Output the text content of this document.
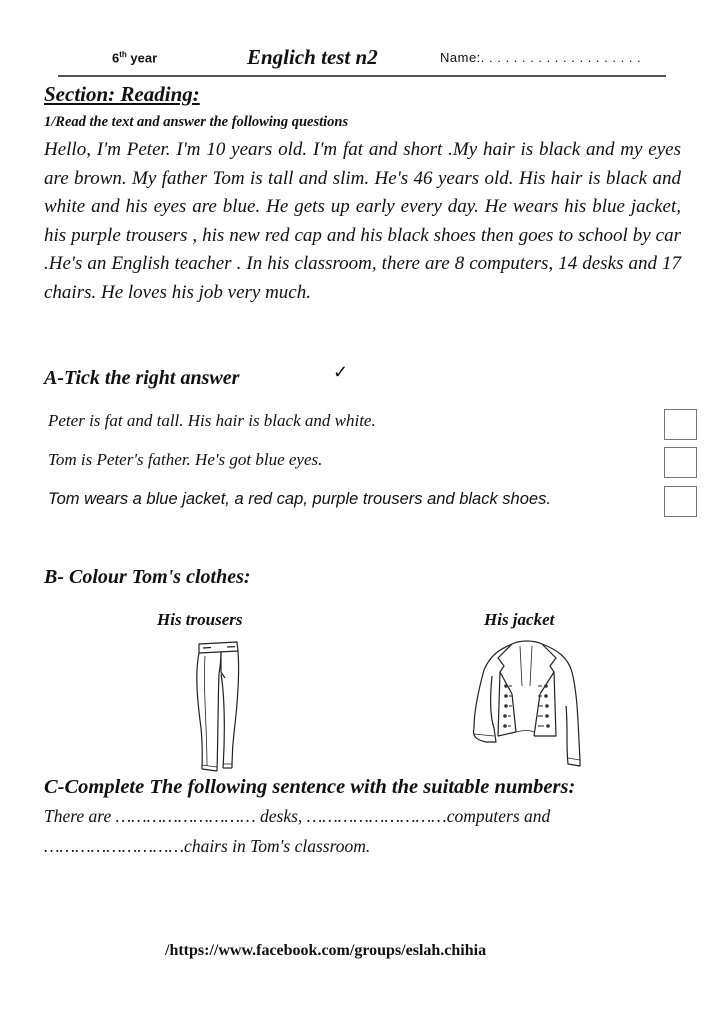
6th year	Englich test n2	Name:. . . . . . . . . . . . . . . . . . . .
Section: Reading:
1/Read the text and answer the following questions
Hello, I'm Peter. I'm 10 years old. I'm fat and short .My hair is black and my eyes are brown. My father Tom is tall and slim. He's 46 years old. His hair is black and white and his eyes are blue. He gets up early every day. He wears his blue jacket, his purple trousers , his new red cap and his black shoes then goes to school by car .He's an English teacher . In his classroom, there are 8 computers, 14 desks and 17 chairs. He loves his job very much.
A-Tick the right answer	✓
Peter is fat and tall. His hair is black and white.
Tom is Peter's father. He's got blue eyes.
Tom wears a blue jacket, a red cap, purple trousers and black shoes.
B- Colour Tom's clothes:
His trousers	His jacket
C-Complete The following sentence with the suitable numbers:
There are ……………………… desks, ………………………computers and
………………………chairs in Tom's classroom.
/https://www.facebook.com/groups/eslah.chihia
